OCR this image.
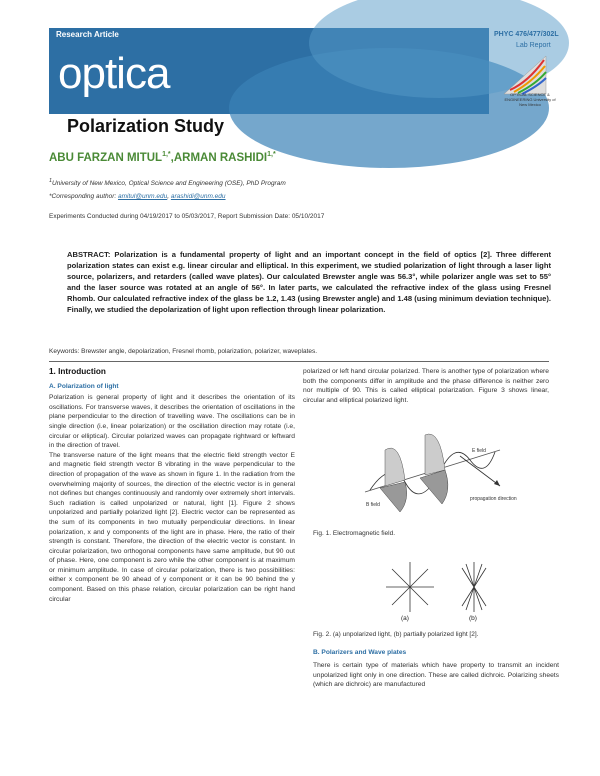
Research Article
optica
PHYC 476/477/302L
Lab Report
OPTICAL SCIENCE & ENGINEERING University of New Mexico
Polarization Study
ABU FARZAN $MITUL^{1,*},ARMAN$ $RASHIDI^{1,*}$
$^1$University of New Mexico, Optical Science and Engineering (OSE), PhD Program
*Corresponding author: amitul@unm.edu, arashidi@unm.edu
Experiments Conducted during 04/19/2017 to 05/03/2017, Report Submission Date: 05/10/2017
ABSTRACT: Polarization is a fundamental property of light and an important concept in the field of optics [2]. Three different polarization states can exist e.g. linear circular and elliptical. In this experiment, we studied polarization of light through a laser light source, polarizers, and retarders (called wave plates). Our calculated Brewster angle was 56.3°, while polarizer angle was set to 55° and the laser source was rotated at an angle of 56°. In later parts, we calculated the refractive index of the glass using Fresnel Rhomb. Our calculated refractive index of the glass be 1.2, 1.43 (using Brewster angle) and 1.48 (using minimum deviation technique). Finally, we studied the depolarization of light upon reflection through linear polarization.
Keywords: Brewster angle, depolarization, Fresnel rhomb, polarization, polarizer, waveplates.
1. Introduction
A. Polarization of light

Polarization is general property of light and it describes the orientation of its oscillations. For transverse waves, it describes the orientation of oscillations in the plane perpendicular to the direction of travelling wave. The oscillations can be in single direction (i.e, linear polarization) or the oscillation direction may rotate (i.e, circular or elliptical). Circular polarized waves can propagate rightward or leftward in the direction of travel.

The transverse nature of the light means that the electric field strength vector E and magnetic field strength vector B vibrating in the wave perpendicular to the direction of propagation of the wave as shown in figure 1. In the radiation from the overwhelming majority of sources, the direction of the electric vector is in general not defines but changes continuously and randomly over extremely short intervals. Such radiation is called unpolarized or natural, light [1]. Figure 2 shows unpolarized and partially polarized light [2]. Electric vector can be represented as the sum of its components in two mutually perpendicular directions. In linear polarization, x and y components of the light are in phase. Here, the ratio of their strength is constant. Therefore, the direction of the electric vector is constant. In circular polarization, two orthogonal components have same amplitude, but 90 out of phase. Here, one component is zero while the other component is at maximum or minimum amplitude. In case of circular polarization, there is two possibilities: either x component be 90 ahead of y component or it can be 90 behind the y component. Based on this phase relation, circular polarization can be right hand circular

polarized or left hand circular polarized. There is another type of polarization where both the components differ in amplitude and the phase difference is neither zero nor multiple of 90. This is called elliptical polarization. Figure 3 shows linear, circular and elliptical polarized light.

E field
B field
propagation direction
Fig. 1. Electromagnetic field.
(a)	(b)
Fig. 2. (a) unpolarized light, (b) partially polarized light [2].
B. Polarizers and Wave plates
There is certain type of materials which have property to transmit an incident unpolarized light only in one direction. These are called dichroic. Polarizing sheets (which are dichroic) are manufactured
